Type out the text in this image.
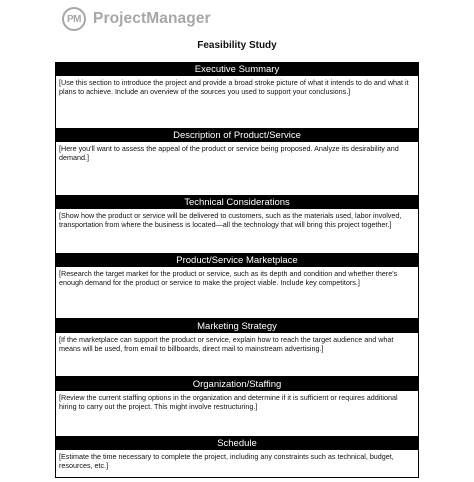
PM ProjectManager
Feasibility Study
Executive Summary
[Use this section to introduce the project and provide a broad stroke picture of what it intends to do and what it plans to achieve. Include an overview of the sources you used to support your conclusions.]
Description of Product/Service
[Here you'll want to assess the appeal of the product or service being proposed. Analyze its desirability and demand.]
Technical Considerations
[Show how the product or service will be delivered to customers, such as the materials used, labor involved, transportation from where the business is located—all the technology that will bring this project together.]
Product/Service Marketplace
[Research the target market for the product or service, such as its depth and condition and whether there's enough demand for the product or service to make the project viable. Include key competitors.]
Marketing Strategy
[If the marketplace can support the product or service, explain how to reach the target audience and what means will be used, from email to billboards, direct mail to mainstream advertising.]
Organization/Staffing
[Review the current staffing options in the organization and determine if it is sufficient or requires additional hiring to carry out the project. This might involve restructuring.]
Schedule
[Estimate the time necessary to complete the project, including any constraints such as technical, budget, resources, etc.]
